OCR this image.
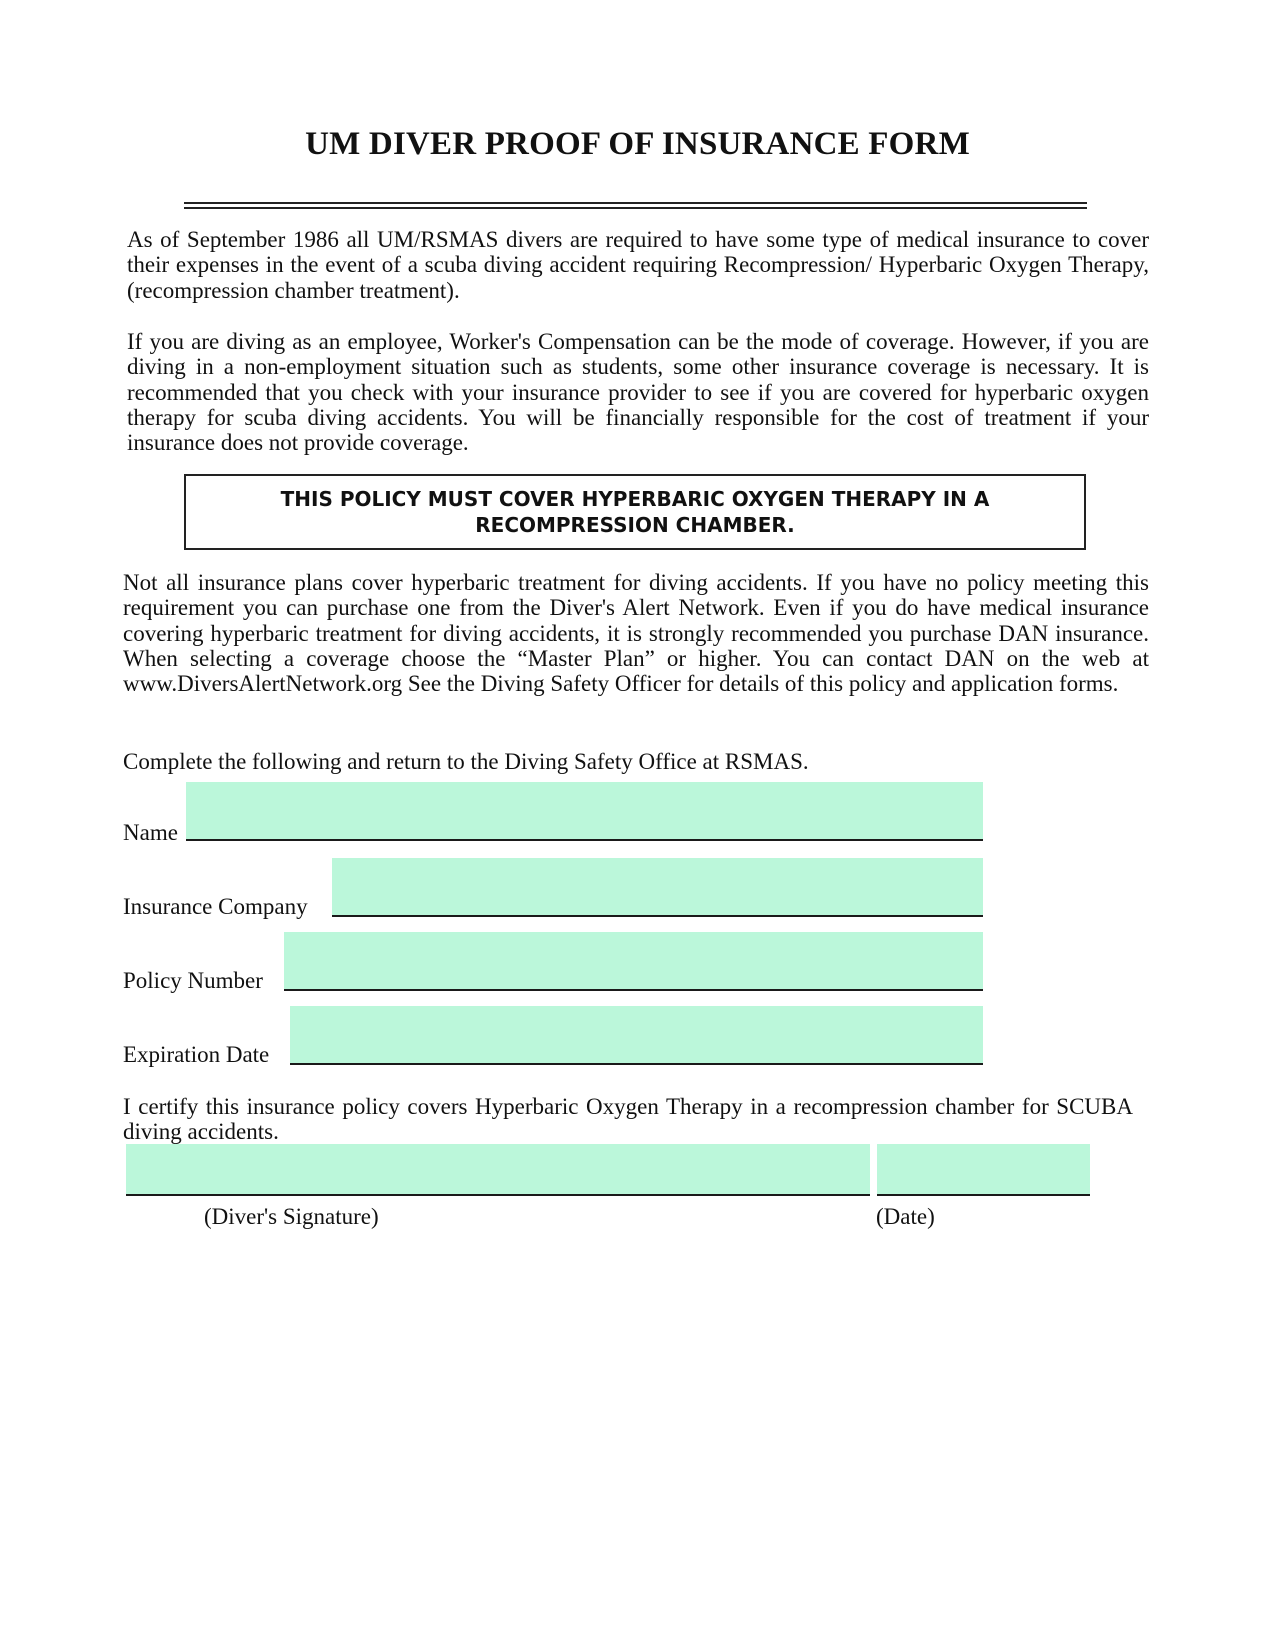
UM DIVER PROOF OF INSURANCE FORM
As of September 1986 all UM/RSMAS divers are required to have some type of medical insurance to cover their expenses in the event of a scuba diving accident requiring Recompression/ Hyperbaric Oxygen Therapy, (recompression chamber treatment).
If you are diving as an employee, Worker's Compensation can be the mode of coverage. However, if you are diving in a non-employment situation such as students, some other insurance coverage is necessary. It is recommended that you check with your insurance provider to see if you are covered for hyperbaric oxygen therapy for scuba diving accidents. You will be financially responsible for the cost of treatment if your insurance does not provide coverage.
THIS POLICY MUST COVER HYPERBARIC OXYGEN THERAPY IN A RECOMPRESSION CHAMBER.
Not all insurance plans cover hyperbaric treatment for diving accidents. If you have no policy meeting this requirement you can purchase one from the Diver's Alert Network. Even if you do have medical insurance covering hyperbaric treatment for diving accidents, it is strongly recommended you purchase DAN insurance. When selecting a coverage choose the “Master Plan” or higher. You can contact DAN on the web at www.DiversAlertNetwork.org See the Diving Safety Officer for details of this policy and application forms.
Complete the following and return to the Diving Safety Office at RSMAS.
Name
Insurance Company
Policy Number
Expiration Date
I certify this insurance policy covers Hyperbaric Oxygen Therapy in a recompression chamber for SCUBA diving accidents.
(Diver's Signature)	(Date)
